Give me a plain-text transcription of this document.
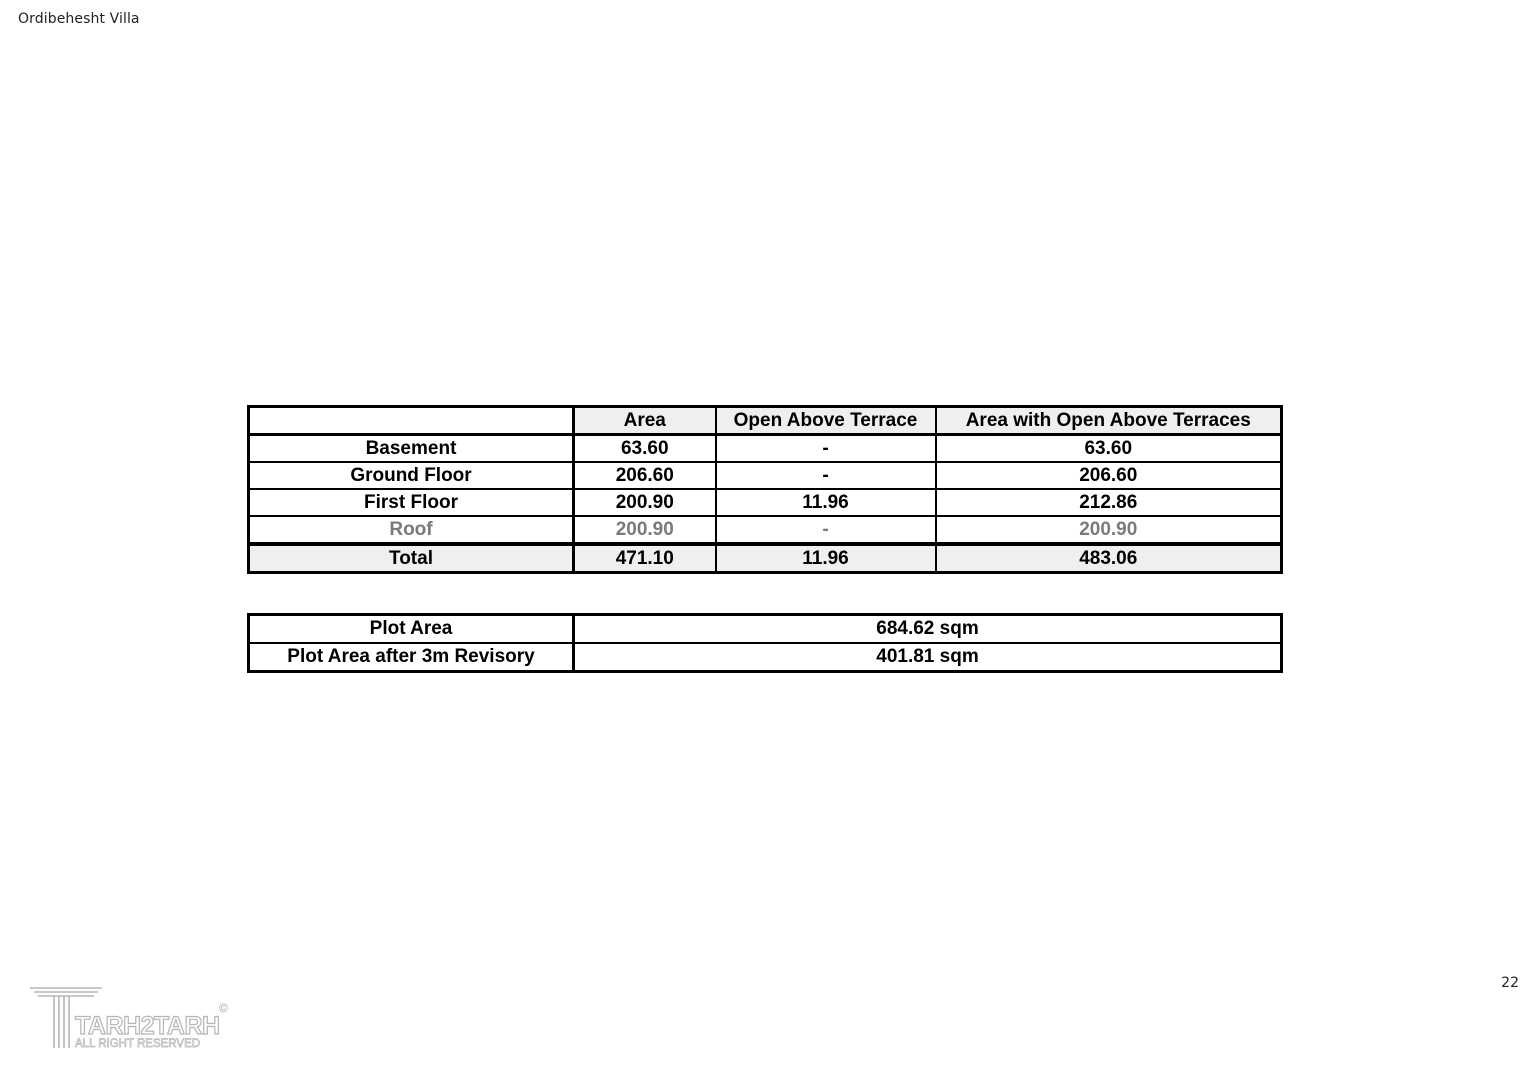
Ordibehesht Villa
	Area	Open Above Terrace	Area with Open Above Terraces
Basement	63.60	-	63.60
Ground Floor	206.60	-	206.60
First Floor	200.90	11.96	212.86
Roof	200.90	-	200.90
Total	471.10	11.96	483.06
Plot Area	684.62 sqm
Plot Area after 3m Revisory	401.81 sqm
TARH2TARH
ALL RIGHT RESERVED
©
22
